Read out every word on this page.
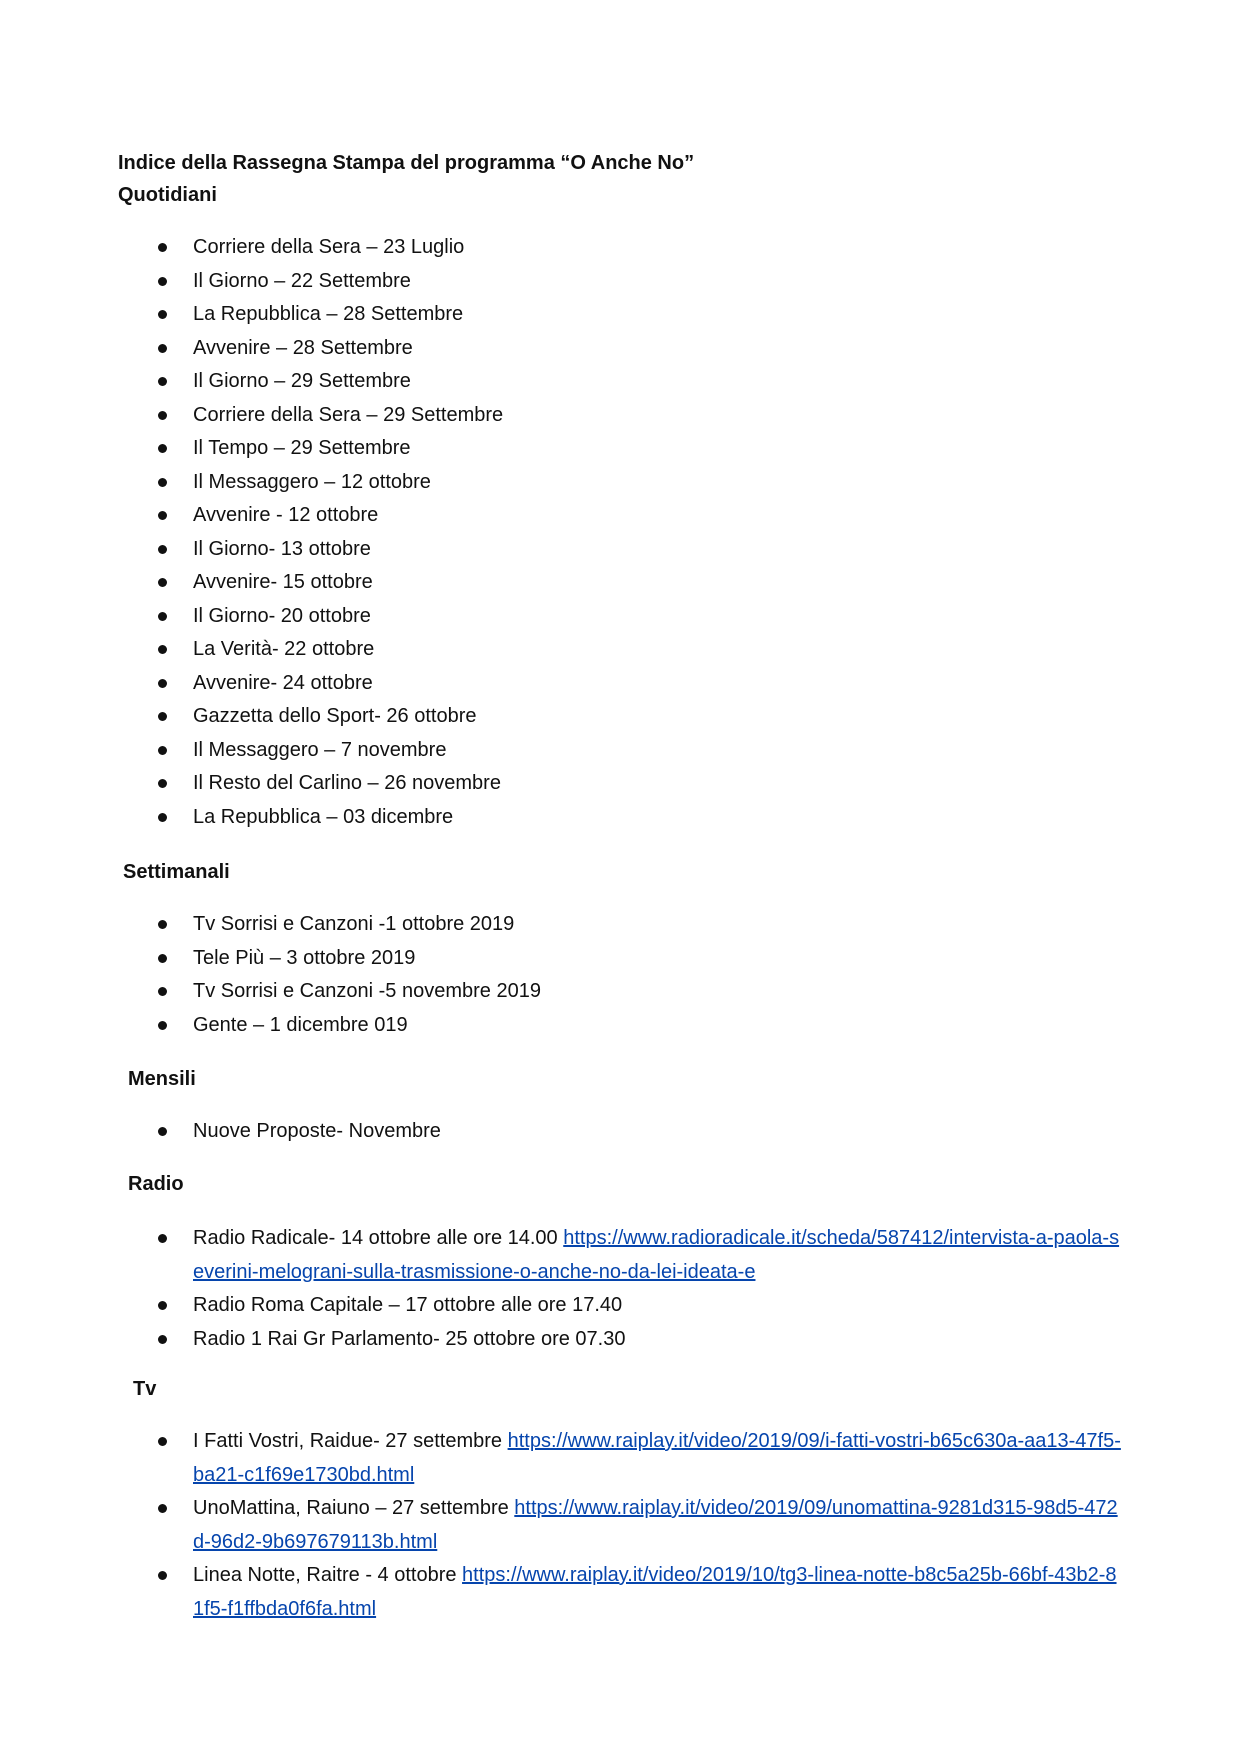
Indice della Rassegna Stampa del programma “O Anche No”
Quotidiani
Corriere della Sera – 23 Luglio
Il Giorno – 22 Settembre
La Repubblica – 28 Settembre
Avvenire – 28 Settembre
Il Giorno – 29 Settembre
Corriere della Sera – 29 Settembre
Il Tempo – 29 Settembre
Il Messaggero – 12 ottobre
Avvenire - 12 ottobre
Il Giorno- 13 ottobre
Avvenire- 15 ottobre
Il Giorno- 20 ottobre
La Verità- 22 ottobre
Avvenire- 24 ottobre
Gazzetta dello Sport- 26 ottobre
Il Messaggero – 7 novembre
Il Resto del Carlino – 26 novembre
La Repubblica – 03 dicembre
Settimanali
Tv Sorrisi e Canzoni -1 ottobre 2019
Tele Più – 3 ottobre 2019
Tv Sorrisi e Canzoni -5 novembre 2019
Gente – 1 dicembre 019
Mensili
Nuove Proposte- Novembre
Radio
Radio Radicale- 14 ottobre alle ore 14.00 https://www.radioradicale.it/scheda/587412/intervista-a-paola-severini-melograni-sulla-trasmissione-o-anche-no-da-lei-ideata-e
Radio Roma Capitale – 17 ottobre alle ore 17.40
Radio 1 Rai Gr Parlamento- 25 ottobre ore 07.30
Tv
I Fatti Vostri, Raidue- 27 settembre https://www.raiplay.it/video/2019/09/i-fatti-vostri-b65c630a-aa13-47f5-ba21-c1f69e1730bd.html
UnoMattina, Raiuno – 27 settembre https://www.raiplay.it/video/2019/09/unomattina-9281d315-98d5-472d-96d2-9b697679113b.html
Linea Notte, Raitre - 4 ottobre https://www.raiplay.it/video/2019/10/tg3-linea-notte-b8c5a25b-66bf-43b2-81f5-f1ffbda0f6fa.html
